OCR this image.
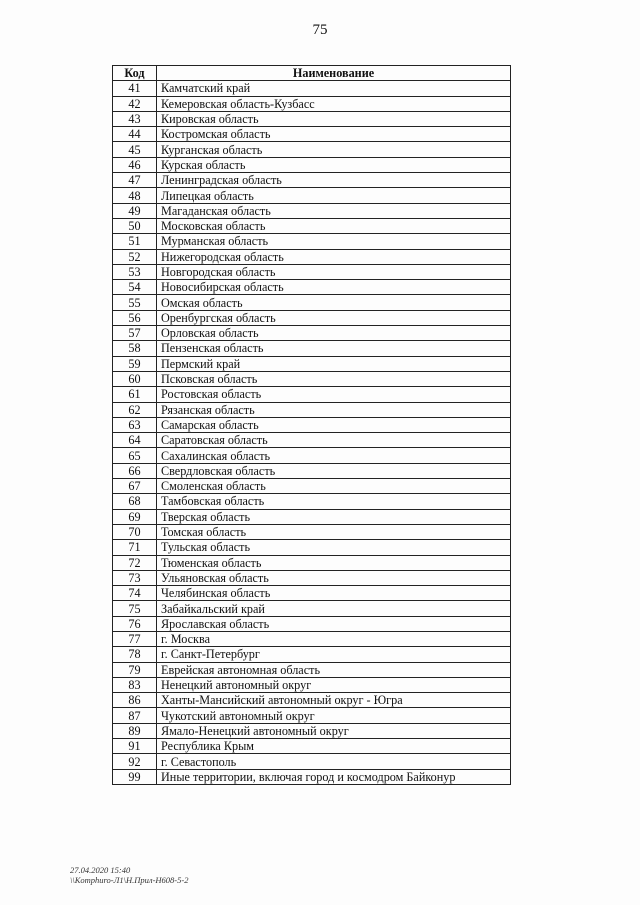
75
Код	Наименование
41	Камчатский край
42	Кемеровская область-Кузбасс
43	Кировская область
44	Костромская область
45	Курганская область
46	Курская область
47	Ленинградская область
48	Липецкая область
49	Магаданская область
50	Московская область
51	Мурманская область
52	Нижегородская область
53	Новгородская область
54	Новосибирская область
55	Омская область
56	Оренбургская область
57	Орловская область
58	Пензенская область
59	Пермский край
60	Псковская область
61	Ростовская область
62	Рязанская область
63	Самарская область
64	Саратовская область
65	Сахалинская область
66	Свердловская область
67	Смоленская область
68	Тамбовская область
69	Тверская область
70	Томская область
71	Тульская область
72	Тюменская область
73	Ульяновская область
74	Челябинская область
75	Забайкальский край
76	Ярославская область
77	г. Москва
78	г. Санкт-Петербург
79	Еврейская автономная область
83	Ненецкий автономный округ
86	Ханты-Мансийский автономный округ - Югра
87	Чукотский автономный округ
89	Ямало-Ненецкий автономный округ
91	Республика Крым
92	г. Севастополь
99	Иные территории, включая город и космодром Байконур
27.04.2020 15:40
\\Komphuro-Л1\Н.Прил-Н608-5-2
